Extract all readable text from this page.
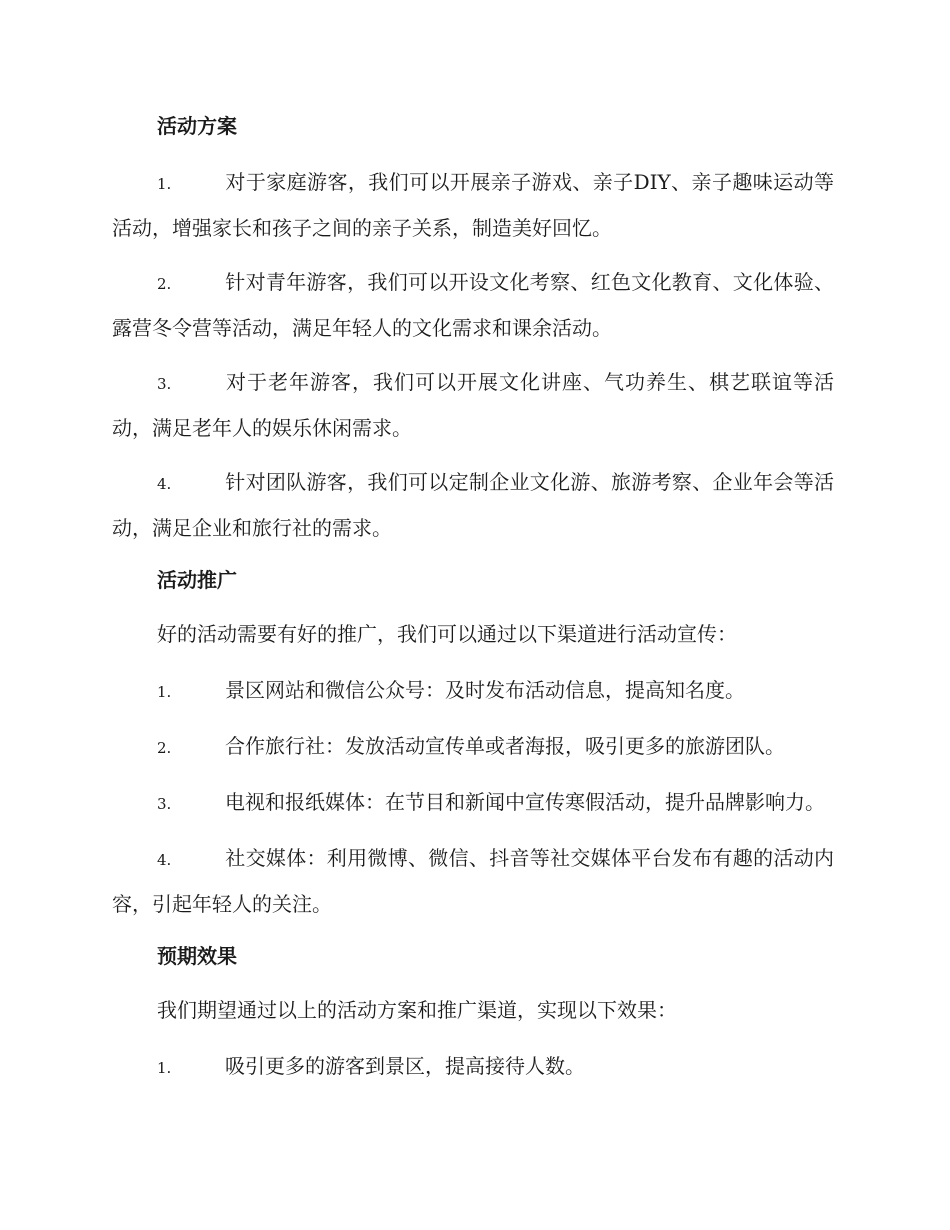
活动方案
1.	对于家庭游客，我们可以开展亲子游戏、亲子DIY、亲子趣味运动等活动，增强家长和孩子之间的亲子关系，制造美好回忆。
2.	针对青年游客，我们可以开设文化考察、红色文化教育、文化体验、露营冬令营等活动，满足年轻人的文化需求和课余活动。
3.	对于老年游客，我们可以开展文化讲座、气功养生、棋艺联谊等活动，满足老年人的娱乐休闲需求。
4.	针对团队游客，我们可以定制企业文化游、旅游考察、企业年会等活动，满足企业和旅行社的需求。
活动推广
好的活动需要有好的推广，我们可以通过以下渠道进行活动宣传：
1.	景区网站和微信公众号：及时发布活动信息，提高知名度。
2.	合作旅行社：发放活动宣传单或者海报，吸引更多的旅游团队。
3.	电视和报纸媒体：在节目和新闻中宣传寒假活动，提升品牌影响力。
4.	社交媒体：利用微博、微信、抖音等社交媒体平台发布有趣的活动内容，引起年轻人的关注。
预期效果
我们期望通过以上的活动方案和推广渠道，实现以下效果：
1.	吸引更多的游客到景区，提高接待人数。
